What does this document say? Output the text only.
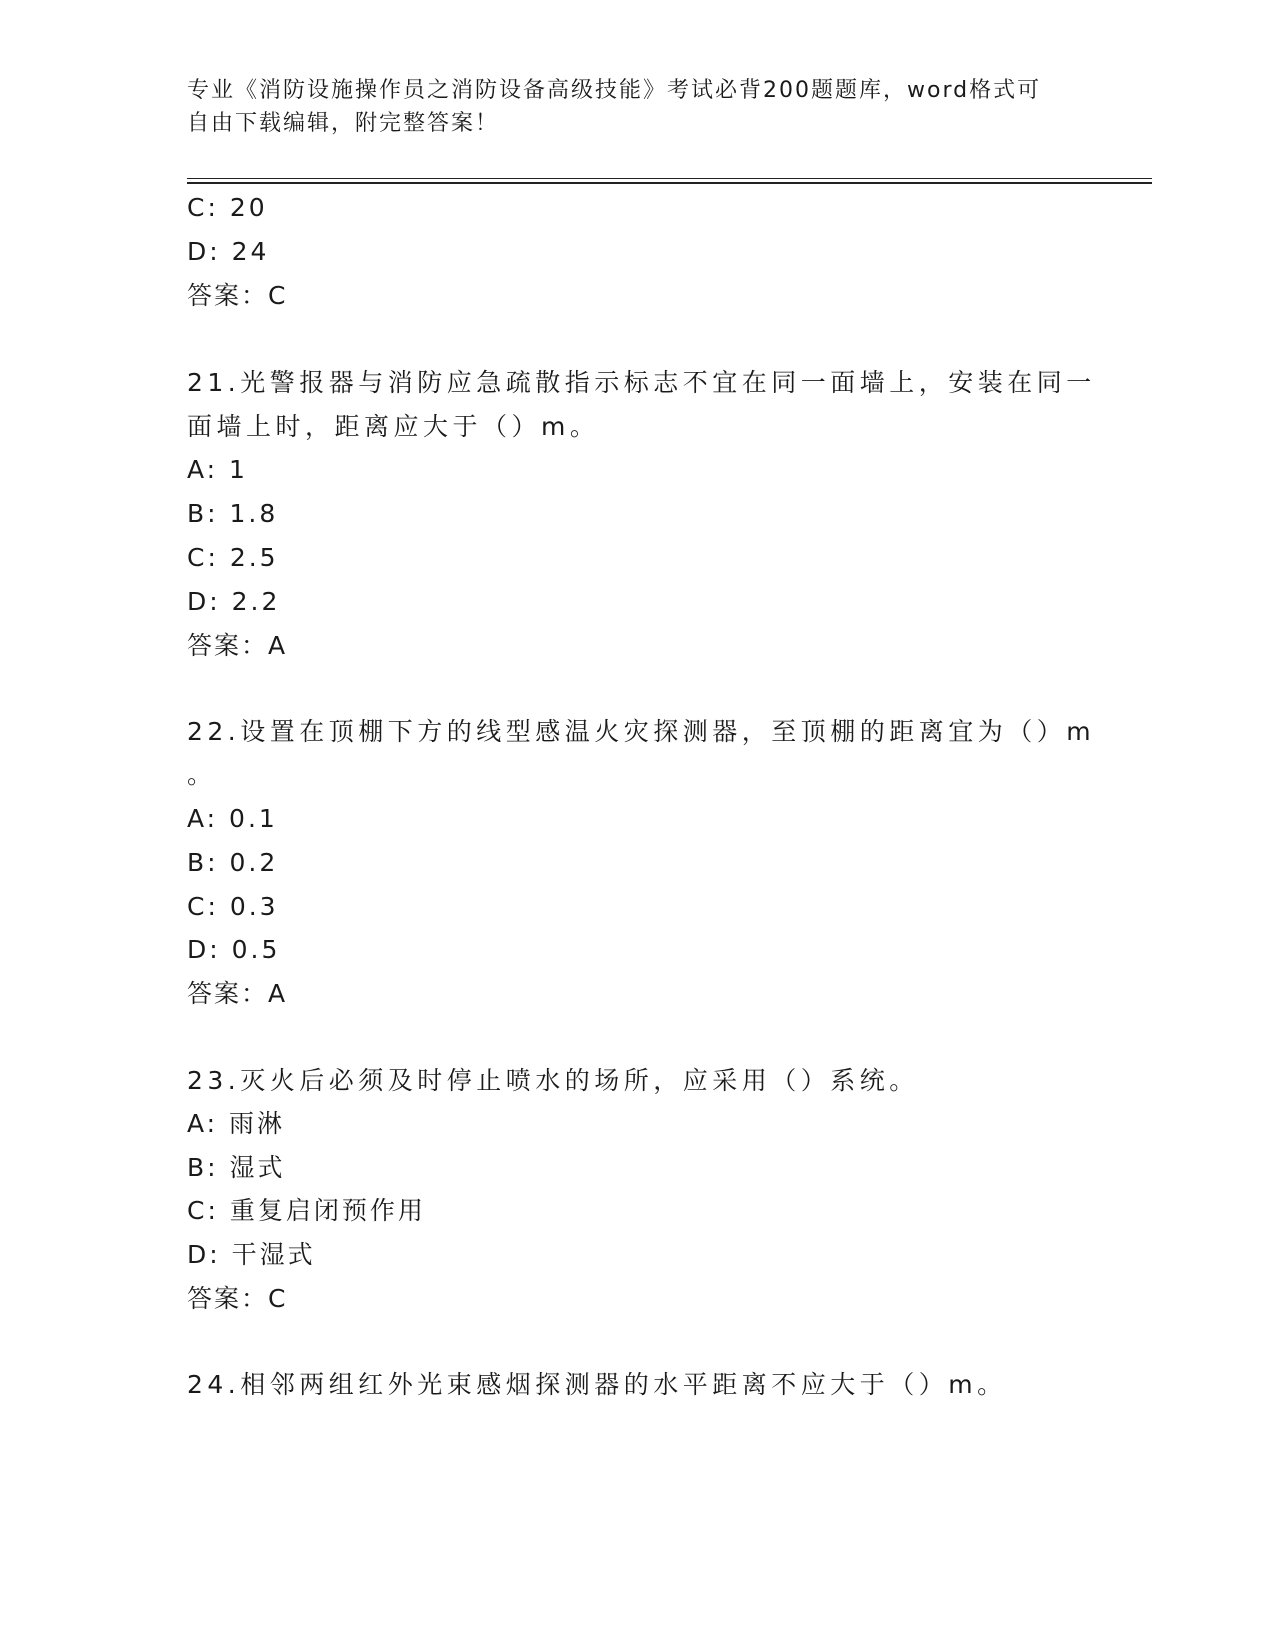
专业《消防设施操作员之消防设备高级技能》考试必背200题题库，word格式可
自由下载编辑，附完整答案！
C: 20
D: 24
答案：C
21.光警报器与消防应急疏散指示标志不宜在同一面墙上，安装在同一
面墙上时，距离应大于（）m。
A: 1
B: 1.8
C: 2.5
D: 2.2
答案：A
22.设置在顶棚下方的线型感温火灾探测器，至顶棚的距离宜为（）m
。
A: 0.1
B: 0.2
C: 0.3
D: 0.5
答案：A
23.灭火后必须及时停止喷水的场所，应采用（）系统。
A: 雨淋
B: 湿式
C: 重复启闭预作用
D: 干湿式
答案：C
24.相邻两组红外光束感烟探测器的水平距离不应大于（）m。
